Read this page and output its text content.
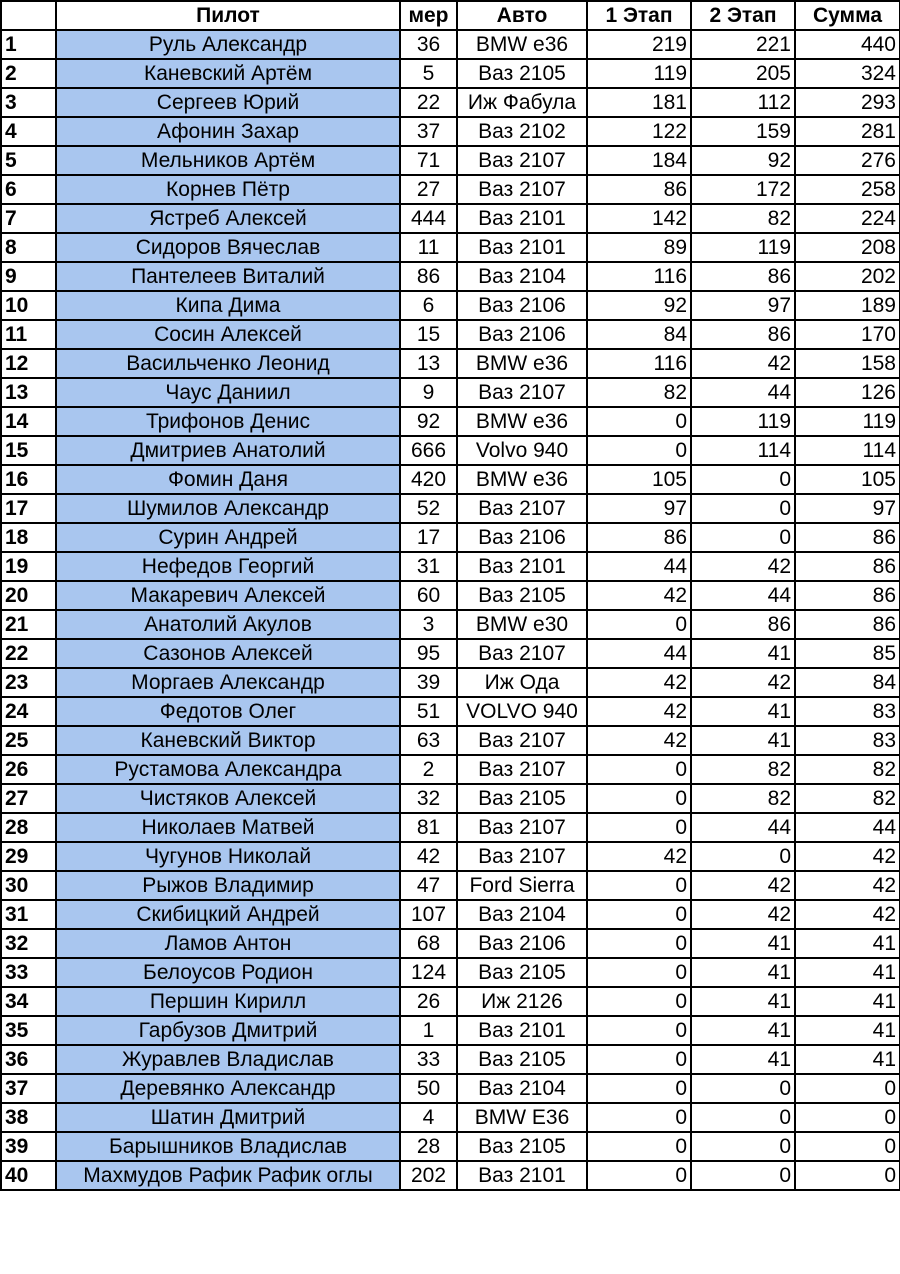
	Пилот	мер	Авто	1 Этап	2 Этап	Сумма
1	Руль Александр	36	BMW e36	219	221	440
2	Каневский Артём	5	Ваз 2105	119	205	324
3	Сергеев Юрий	22	Иж Фабула	181	112	293
4	Афонин Захар	37	Ваз 2102	122	159	281
5	Мельников Артём	71	Ваз 2107	184	92	276
6	Корнев Пётр	27	Ваз 2107	86	172	258
7	Ястреб Алексей	444	Ваз 2101	142	82	224
8	Сидоров Вячеслав	11	Ваз 2101	89	119	208
9	Пантелеев Виталий	86	Ваз 2104	116	86	202
10	Кипа Дима	6	Ваз 2106	92	97	189
11	Сосин Алексей	15	Ваз 2106	84	86	170
12	Васильченко Леонид	13	BMW e36	116	42	158
13	Чаус Даниил	9	Ваз 2107	82	44	126
14	Трифонов Денис	92	BMW e36	0	119	119
15	Дмитриев Анатолий	666	Volvo 940	0	114	114
16	Фомин Даня	420	BMW e36	105	0	105
17	Шумилов Александр	52	Ваз 2107	97	0	97
18	Сурин Андрей	17	Ваз 2106	86	0	86
19	Нефедов Георгий	31	Ваз 2101	44	42	86
20	Макаревич Алексей	60	Ваз 2105	42	44	86
21	Анатолий Акулов	3	BMW e30	0	86	86
22	Сазонов Алексей	95	Ваз 2107	44	41	85
23	Моргаев Александр	39	Иж Ода	42	42	84
24	Федотов Олег	51	VOLVO 940	42	41	83
25	Каневский Виктор	63	Ваз 2107	42	41	83
26	Рустамова Александра	2	Ваз 2107	0	82	82
27	Чистяков Алексей	32	Ваз 2105	0	82	82
28	Николаев Матвей	81	Ваз 2107	0	44	44
29	Чугунов Николай	42	Ваз 2107	42	0	42
30	Рыжов Владимир	47	Ford Sierra	0	42	42
31	Скибицкий Андрей	107	Ваз 2104	0	42	42
32	Ламов Антон	68	Ваз 2106	0	41	41
33	Белоусов Родион	124	Ваз 2105	0	41	41
34	Першин Кирилл	26	Иж 2126	0	41	41
35	Гарбузов Дмитрий	1	Ваз 2101	0	41	41
36	Журавлев Владислав	33	Ваз 2105	0	41	41
37	Деревянко Александр	50	Ваз 2104	0	0	0
38	Шатин Дмитрий	4	BMW E36	0	0	0
39	Барышников Владислав	28	Ваз 2105	0	0	0
40	Махмудов Рафик Рафик оглы	202	Ваз 2101	0	0	0
